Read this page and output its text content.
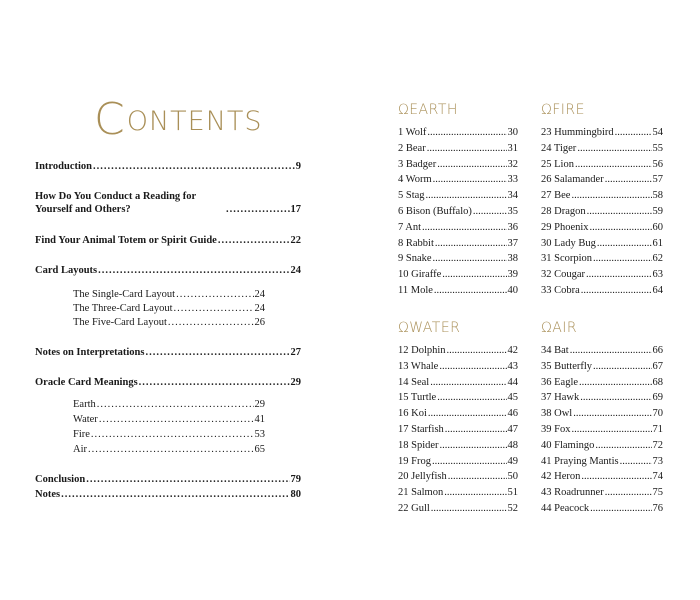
CONTENTS
Introduction .....	9
How Do You Conduct a Reading for Yourself and Others? .....	17
Find Your Animal Totem or Spirit Guide .....	22
Card Layouts .....	24
The Single-Card Layout .....	24
The Three-Card Layout .....	24
The Five-Card Layout .....	26
Notes on Interpretations .....	27
Oracle Card Meanings .....	29
Earth .....	29
Water .....	41
Fire .....	53
Air .....	65
Conclusion .....	79
Notes .....	80
Ω EARTH
1 Wolf .....	30
2 Bear .....	31
3 Badger .....	32
4 Worm .....	33
5 Stag .....	34
6 Bison (Buffalo) .....	35
7 Ant .....	36
8 Rabbit .....	37
9 Snake .....	38
10 Giraffe .....	39
11 Mole .....	40
Ω FIRE
23 Hummingbird .....	54
24 Tiger .....	55
25 Lion .....	56
26 Salamander .....	57
27 Bee .....	58
28 Dragon .....	59
29 Phoenix .....	60
30 Lady Bug .....	61
31 Scorpion .....	62
32 Cougar .....	63
33 Cobra .....	64
Ω WATER
12 Dolphin .....	42
13 Whale .....	43
14 Seal .....	44
15 Turtle .....	45
16 Koi .....	46
17 Starfish .....	47
18 Spider .....	48
19 Frog .....	49
20 Jellyfish .....	50
21 Salmon .....	51
22 Gull .....	52
Ω AIR
34 Bat .....	66
35 Butterfly .....	67
36 Eagle .....	68
37 Hawk .....	69
38 Owl .....	70
39 Fox .....	71
40 Flamingo .....	72
41 Praying Mantis .....	73
42 Heron .....	74
43 Roadrunner .....	75
44 Peacock .....	76
